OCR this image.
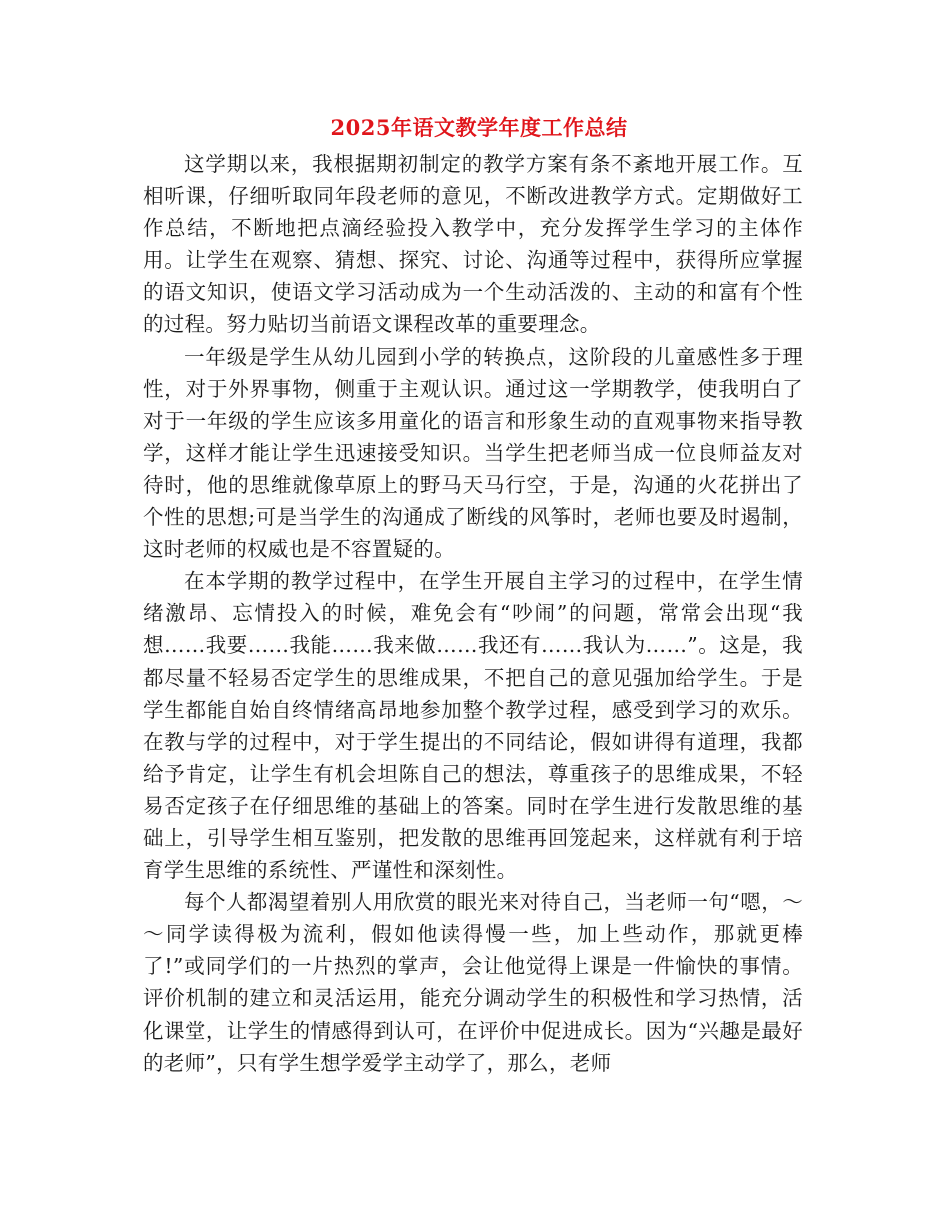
2025年语文教学年度工作总结

这学期以来，我根据期初制定的教学方案有条不紊地开展工作。互相听课，仔细听取同年段老师的意见，不断改进教学方式。定期做好工作总结，不断地把点滴经验投入教学中，充分发挥学生学习的主体作用。让学生在观察、猜想、探究、讨论、沟通等过程中，获得所应掌握的语文知识，使语文学习活动成为一个生动活泼的、主动的和富有个性的过程。努力贴切当前语文课程改革的重要理念。

一年级是学生从幼儿园到小学的转换点，这阶段的儿童感性多于理性，对于外界事物，侧重于主观认识。通过这一学期教学，使我明白了对于一年级的学生应该多用童化的语言和形象生动的直观事物来指导教学，这样才能让学生迅速接受知识。当学生把老师当成一位良师益友对待时，他的思维就像草原上的野马天马行空，于是，沟通的火花拼出了个性的思想;可是当学生的沟通成了断线的风筝时，老师也要及时遏制，这时老师的权威也是不容置疑的。

在本学期的教学过程中，在学生开展自主学习的过程中，在学生情绪激昂、忘情投入的时候，难免会有“吵闹”的问题，常常会出现“我想……我要……我能……我来做……我还有……我认为……”。这是，我都尽量不轻易否定学生的思维成果，不把自己的意见强加给学生。于是学生都能自始自终情绪高昂地参加整个教学过程，感受到学习的欢乐。在教与学的过程中，对于学生提出的不同结论，假如讲得有道理，我都给予肯定，让学生有机会坦陈自己的想法，尊重孩子的思维成果，不轻易否定孩子在仔细思维的基础上的答案。同时在学生进行发散思维的基础上，引导学生相互鉴别，把发散的思维再回笼起来，这样就有利于培育学生思维的系统性、严谨性和深刻性。

每个人都渴望着别人用欣赏的眼光来对待自己，当老师一句“嗯，～～同学读得极为流利，假如他读得慢一些，加上些动作，那就更棒了!”或同学们的一片热烈的掌声，会让他觉得上课是一件愉快的事情。评价机制的建立和灵活运用，能充分调动学生的积极性和学习热情，活化课堂，让学生的情感得到认可，在评价中促进成长。因为“兴趣是最好的老师”，只有学生想学爱学主动学了，那么，老师
